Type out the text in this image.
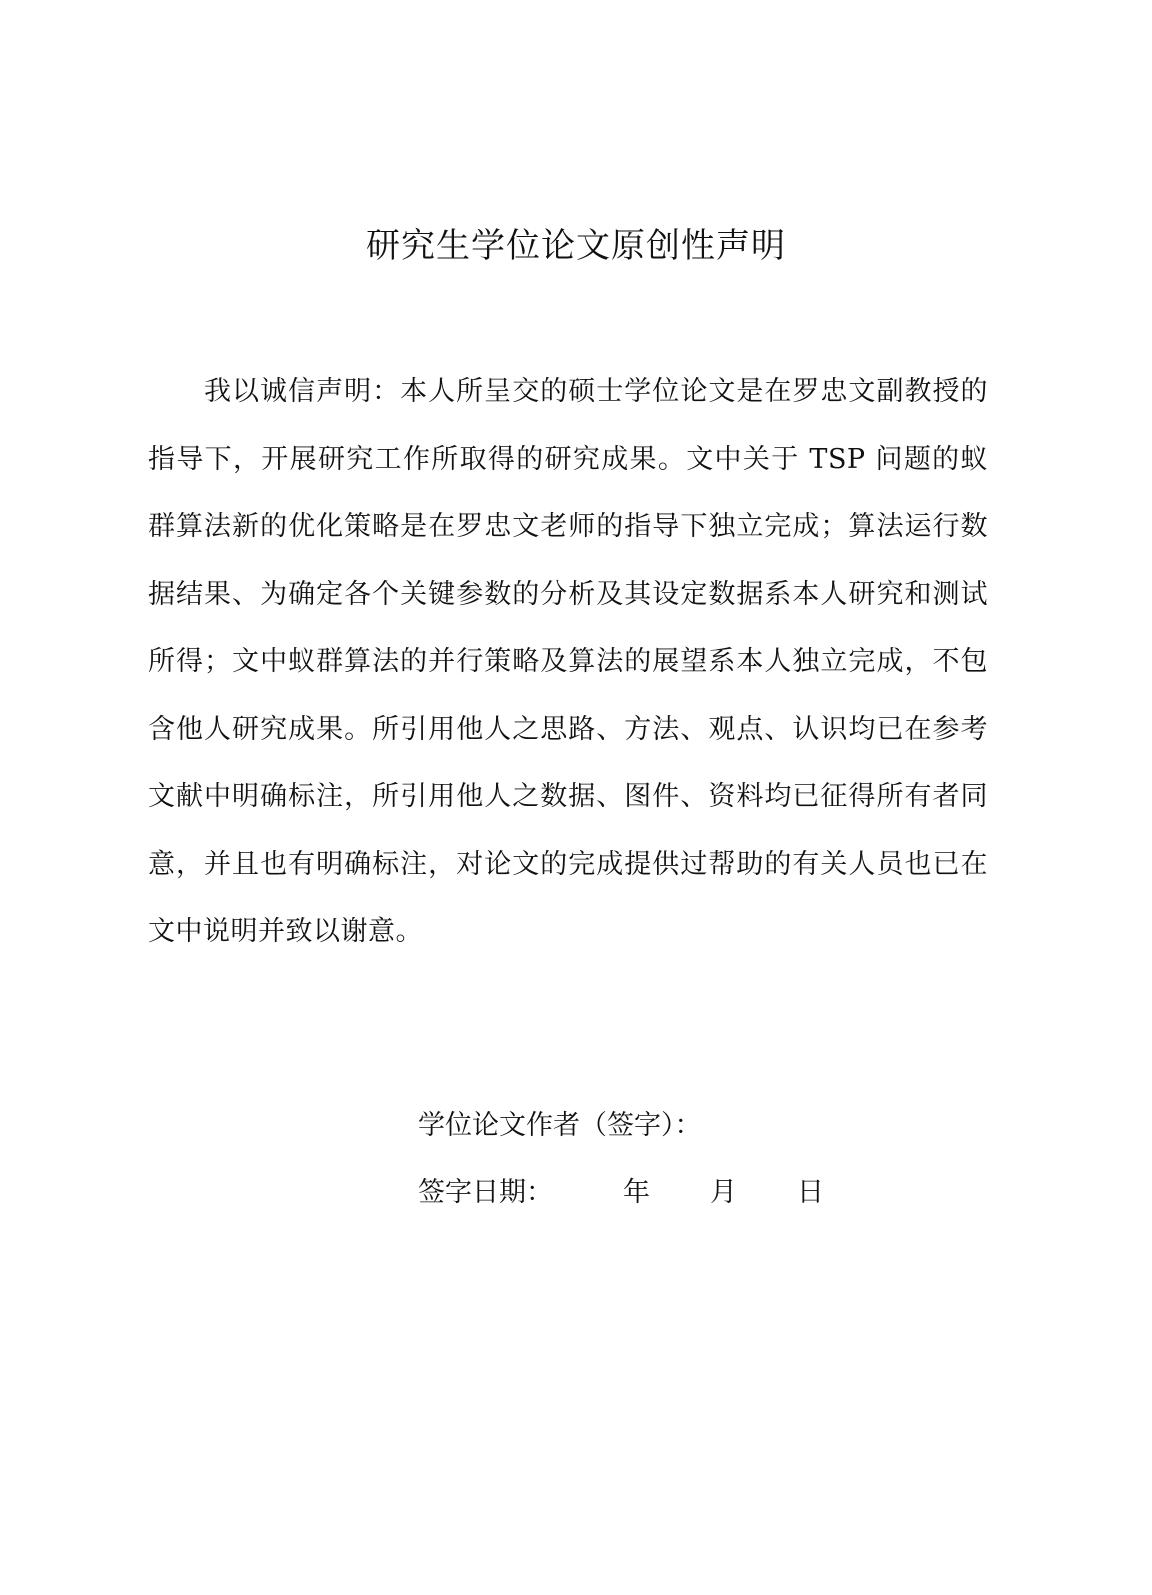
研究生学位论文原创性声明

我以诚信声明：本人所呈交的硕士学位论文是在罗忠文副教授的指导下，开展研究工作所取得的研究成果。文中关于 TSP 问题的蚁群算法新的优化策略是在罗忠文老师的指导下独立完成；算法运行数据结果、为确定各个关键参数的分析及其设定数据系本人研究和测试所得；文中蚁群算法的并行策略及算法的展望系本人独立完成，不包含他人研究成果。所引用他人之思路、方法、观点、认识均已在参考文献中明确标注，所引用他人之数据、图件、资料均已征得所有者同意，并且也有明确标注，对论文的完成提供过帮助的有关人员也已在文中说明并致以谢意。

学位论文作者（签字）：
签字日期：	年 月 日
